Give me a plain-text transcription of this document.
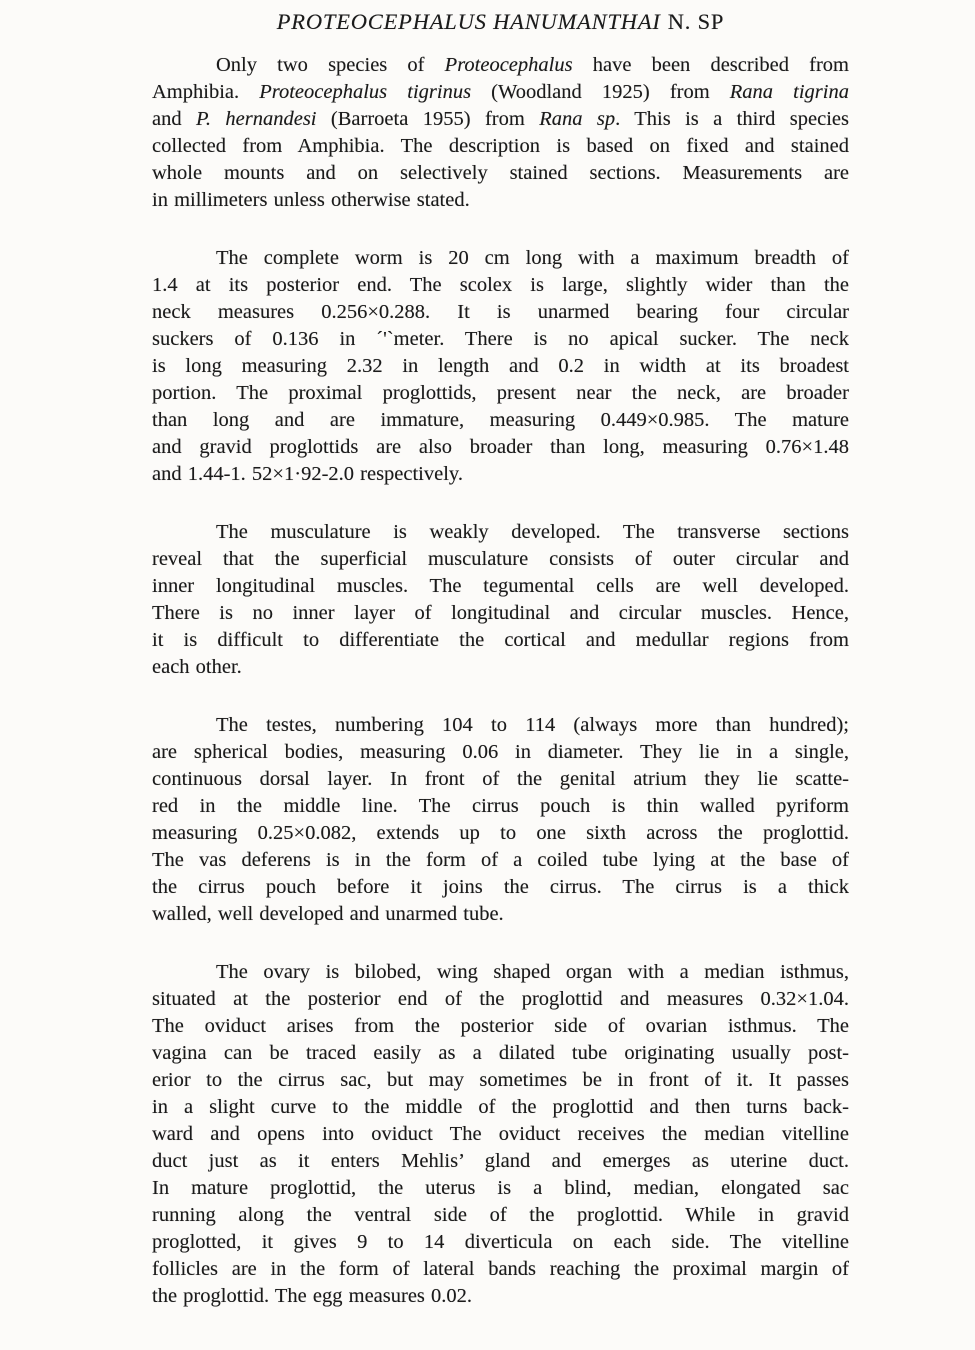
PROTEOCEPHALUS HANUMANTHAI N. SP
Only two species of Proteocephalus have been described from
Amphibia. Proteocephalus tigrinus (Woodland 1925) from Rana tigrina
and P. hernandesi (Barroeta 1955) from Rana sp. This is a third species
collected from Amphibia. The description is based on fixed and stained
whole mounts and on selectively stained sections. Measurements are
in millimeters unless otherwise stated.
The complete worm is 20 cm long with a maximum breadth of
1.4 at its posterior end. The scolex is large, slightly wider than the
neck measures 0.256×0.288. It is unarmed bearing four circular
suckers of 0.136 in ´'`meter. There is no apical sucker. The neck
is long measuring 2.32 in length and 0.2 in width at its broadest
portion. The proximal proglottids, present near the neck, are broader
than long and are immature, measuring 0.449×0.985. The mature
and gravid proglottids are also broader than long, measuring 0.76×1.48
and 1.44-1. 52×1·92-2.0 respectively.
The musculature is weakly developed. The transverse sections
reveal that the superficial musculature consists of outer circular and
inner longitudinal muscles. The tegumental cells are well developed.
There is no inner layer of longitudinal and circular muscles. Hence,
it is difficult to differentiate the cortical and medullar regions from
each other.
The testes, numbering 104 to 114 (always more than hundred);
are spherical bodies, measuring 0.06 in diameter. They lie in a single,
continuous dorsal layer. In front of the genital atrium they lie scatte-
red in the middle line. The cirrus pouch is thin walled pyriform
measuring 0.25×0.082, extends up to one sixth across the proglottid.
The vas deferens is in the form of a coiled tube lying at the base of
the cirrus pouch before it joins the cirrus. The cirrus is a thick
walled, well developed and unarmed tube.
The ovary is bilobed, wing shaped organ with a median isthmus,
situated at the posterior end of the proglottid and measures 0.32×1.04.
The oviduct arises from the posterior side of ovarian isthmus. The
vagina can be traced easily as a dilated tube originating usually post-
erior to the cirrus sac, but may sometimes be in front of it. It passes
in a slight curve to the middle of the proglottid and then turns back-
ward and opens into oviduct The oviduct receives the median vitelline
duct just as it enters Mehlis’ gland and emerges as uterine duct.
In mature proglottid, the uterus is a blind, median, elongated sac
running along the ventral side of the proglottid. While in gravid
proglotted, it gives 9 to 14 diverticula on each side. The vitelline
follicles are in the form of lateral bands reaching the proximal margin of
the proglottid. The egg measures 0.02.
